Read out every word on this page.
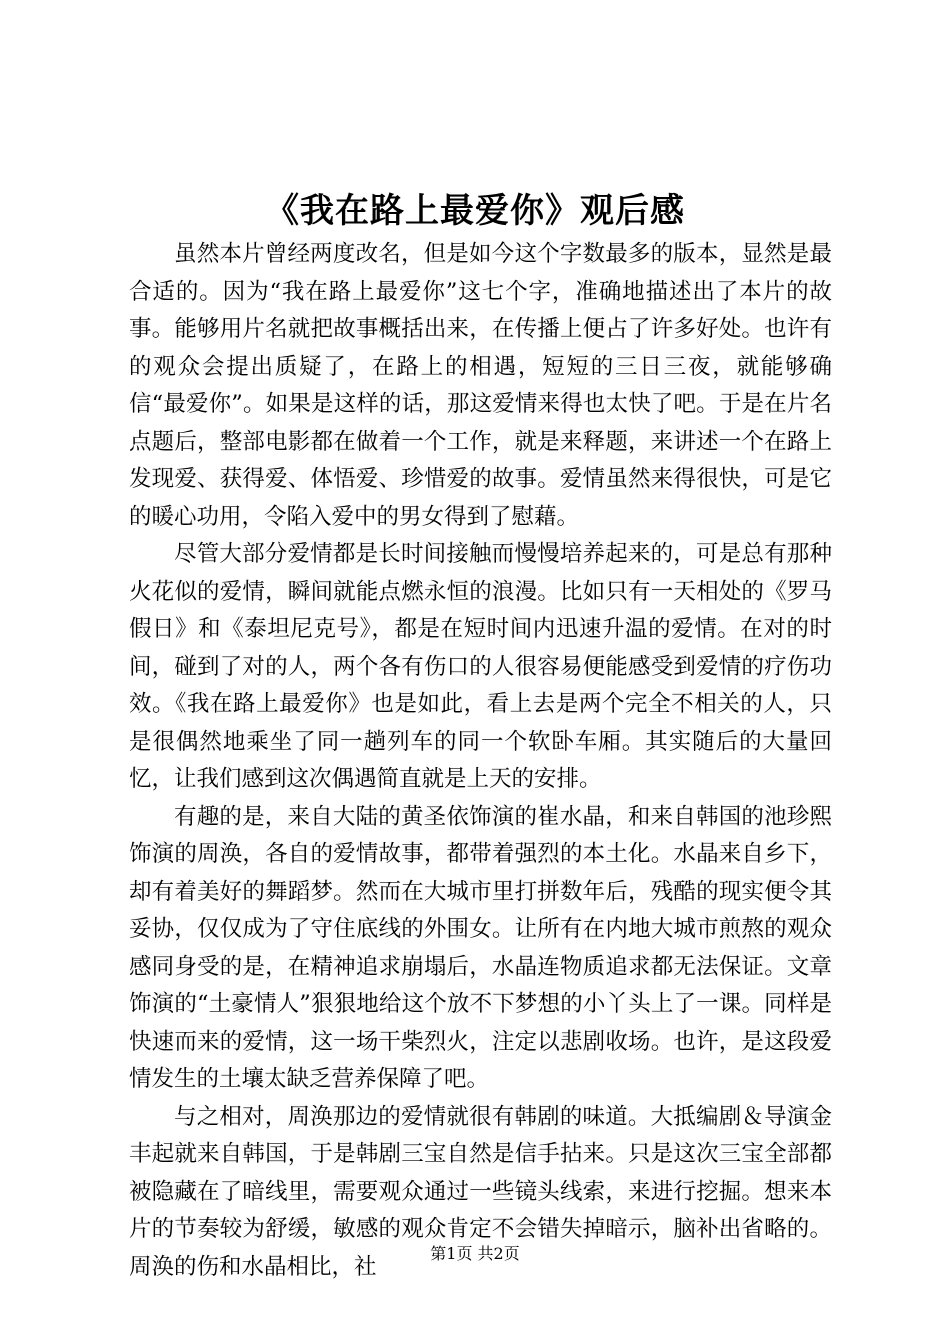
《我在路上最爱你》观后感

虽然本片曾经两度改名，但是如今这个字数最多的版本，显然是最合适的。因为“我在路上最爱你”这七个字，准确地描述出了本片的故事。能够用片名就把故事概括出来，在传播上便占了许多好处。也许有的观众会提出质疑了，在路上的相遇，短短的三日三夜，就能够确信“最爱你”。如果是这样的话，那这爱情来得也太快了吧。于是在片名点题后，整部电影都在做着一个工作，就是来释题，来讲述一个在路上发现爱、获得爱、体悟爱、珍惜爱的故事。爱情虽然来得很快，可是它的暖心功用，令陷入爱中的男女得到了慰藉。

尽管大部分爱情都是长时间接触而慢慢培养起来的，可是总有那种火花似的爱情，瞬间就能点燃永恒的浪漫。比如只有一天相处的《罗马假日》和《泰坦尼克号》，都是在短时间内迅速升温的爱情。在对的时间，碰到了对的人，两个各有伤口的人很容易便能感受到爱情的疗伤功效。《我在路上最爱你》也是如此，看上去是两个完全不相关的人，只是很偶然地乘坐了同一趟列车的同一个软卧车厢。其实随后的大量回忆，让我们感到这次偶遇简直就是上天的安排。

有趣的是，来自大陆的黄圣依饰演的崔水晶，和来自韩国的池珍熙饰演的周涣，各自的爱情故事，都带着强烈的本土化。水晶来自乡下，却有着美好的舞蹈梦。然而在大城市里打拼数年后，残酷的现实便令其妥协，仅仅成为了守住底线的外围女。让所有在内地大城市煎熬的观众感同身受的是，在精神追求崩塌后，水晶连物质追求都无法保证。文章饰演的“土豪情人”狠狠地给这个放不下梦想的小丫头上了一课。同样是快速而来的爱情，这一场干柴烈火，注定以悲剧收场。也许，是这段爱情发生的土壤太缺乏营养保障了吧。

与之相对，周涣那边的爱情就很有韩剧的味道。大抵编剧＆导演金丰起就来自韩国，于是韩剧三宝自然是信手拈来。只是这次三宝全部都被隐藏在了暗线里，需要观众通过一些镜头线索，来进行挖掘。想来本片的节奏较为舒缓，敏感的观众肯定不会错失掉暗示，脑补出省略的。周涣的伤和水晶相比，社	第1页 共2页
